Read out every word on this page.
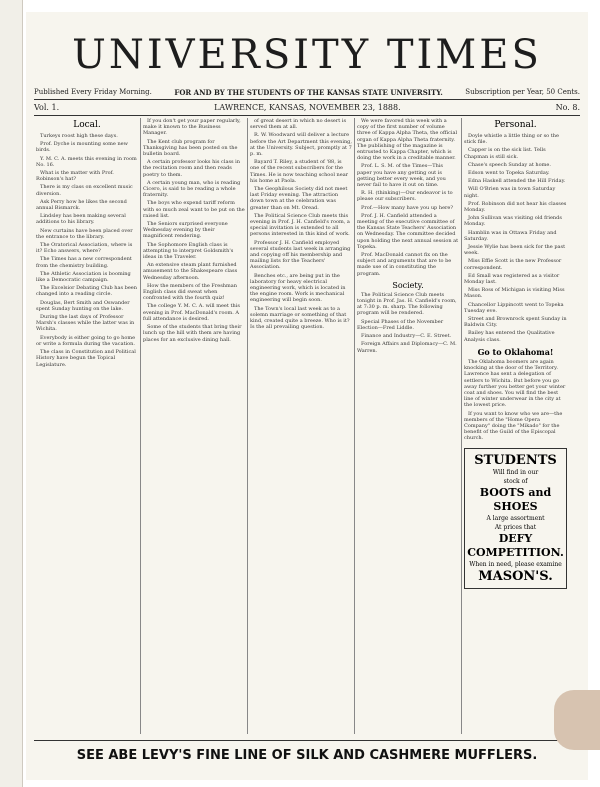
UNIVERSITY TIMES
Published Every Friday Morning.	FOR AND BY THE STUDENTS OF THE KANSAS STATE UNIVERSITY.	Subscription per Year, 50 Cents.
Vol. 1.	LAWRENCE, KANSAS, NOVEMBER 23, 1888.	No. 8.
Local.

Turkeys roost high these days.

Prof. Dyche is mounting some new birds.

Y. M. C. A. meets this evening in room No. 16.

What is the matter with Prof. Robinson's hat?

There is my class on excellent music diversion.

Ask Perry how he likes the second annual Bismarck.

Lindsley has been making several additions to his library.

New curtains have been placed over the entrance to the library.

The Oratorical Association, where is it? Echo answers, where?

The Times has a new correspondent from the chemistry building.

The Athletic Association is booming like a Democratic campaign.

The Excelsior Debating Club has been changed into a reading circle.

Douglas, Bert Smith and Oswander spent Sunday hunting on the lake.

During the last days of Professor Marsh's classes while the latter was in Wichita.

Everybody is either going to go home or write a formula during the vacation.

The class in Constitution and Political History have begun the Topical Legislature.

If you don't get your paper regularly, make it known to the Business Manager.

The Kent club program for Thanksgiving has been posted on the bulletin board.

A certain professor looks his class in the recitation room and then reads poetry to them.

A certain young man, who is reading Cicero, is said to be reading a whole fraternity.

The boys who expend tariff reform with so much zeal want to be put on the raised list.

The Seniors surprised everyone Wednesday evening by their magnificent rendering.

The Sophomore English class is attempting to interpret Goldsmith's ideas in the Traveler.

An extensive steam plant furnished amusement to the Shakespeare class Wednesday afternoon.

How the members of the Freshman English class did sweat when confronted with the fourth quiz!

The college Y. M. C. A. will meet this evening in Prof. MacDonald's room. A full attendance is desired.

Some of the students that bring their lunch up the hill with them are having places for an exclusive dining hall.

of great desert in which no desert is served them at all.

R. W. Woodward will deliver a lecture before the Art Department this evening, at the University. Subject, promptly at 7 p. m.

Bayard T. Riley, a student of '88, is one of the recent subscribers for the Times. He is now teaching school near his home at Paola.

The Geophilous Society did not meet last Friday evening. The attraction down town at the celebration was greater than on Mt. Oread.

The Political Science Club meets this evening in Prof. J. H. Canfield's room, a special invitation is extended to all persons interested in this kind of work.

Professor J. H. Canfield employed several students last week in arranging and copying off his membership and mailing lists for the Teachers' Association.

Benches etc., are being put in the laboratory for heavy electrical engineering work, which is located in the engine room. Work is mechanical engineering will begin soon.

The Town's local last week as to a solemn marriage or something of that kind, created quite a breeze. Who is it? Is the all prevailing question.

We were favored this week with a copy of the first number of volume three of Kappa Alpha Theta, the official organ of Kappa Alpha Theta fraternity. The publishing of the magazine is entrusted to Kappa Chapter, which is doing the work in a creditable manner.

Prof. L. S. M. of the Times—This paper you have any getting out is getting better every week, and you never fail to have it out on time.

R. H. (thinking)—Our endeavor is to please our subscribers.

Prof.—How many have you up here?

Prof. J. H. Canfield attended a meeting of the executive committee of the Kansas State Teachers' Association on Wednesday. The committee decided upon holding the next annual session at Topeka.

Prof. MacDonald cannot fix on the subject and arguments that are to be made use of in constituting the program.

Society.

The Political Science Club meets tonight in Prof. Jas. H. Canfield's room, at 7:30 p. m. sharp. The following program will be rendered.

Special Phases of the November Election—Fred Liddle.

Finance and Industry—C. E. Street.

Foreign Affairs and Diplomacy—C. M. Warren.

Personal.

Doyle whistle a little thing or so the stick file.

Capper is on the sick list. Tells Chapman is still sick.

Chase's speech Sunday at home.

Edson went to Topeka Saturday.

Edna Haskell attended the Hill Friday.

Will O'Brien was in town Saturday night.

Prof. Robinson did not hear his classes Monday.

John Sullivan was visiting old friends Monday.

Hamblin was in Ottawa Friday and Saturday.

Jessie Wylie has been sick for the past week.

Miss Effie Scott is the new Professor correspondent.

Ed Small was registered as a visitor Monday last.

Miss Ross of Michigan is visiting Miss Mason.

Chancellor Lippincott went to Topeka Tuesday eve.

Street and Brownrock spent Sunday in Baldwin City.

Bailey has entered the Qualitative Analysis class.

Go to Oklahoma!

The Oklahoma boomers are again knocking at the door of the Territory. Lawrence has sent a delegation of settlers to Wichita. But before you go away further you better get your winter coat and shoes. You will find the best line of winter underwear in the city at the lowest price.

If you want to know who we are—the members of the "Home Opera Company" doing the "Mikado" for the benefit of the Guild of the Episcopal church.

STUDENTS
Will find in our
stock of
BOOTS and SHOES
A large assortment
At prices that
DEFY COMPETITION.
When in need, please examine
MASON'S.
SEE ABE LEVY'S FINE LINE OF SILK AND CASHMERE MUFFLERS.
